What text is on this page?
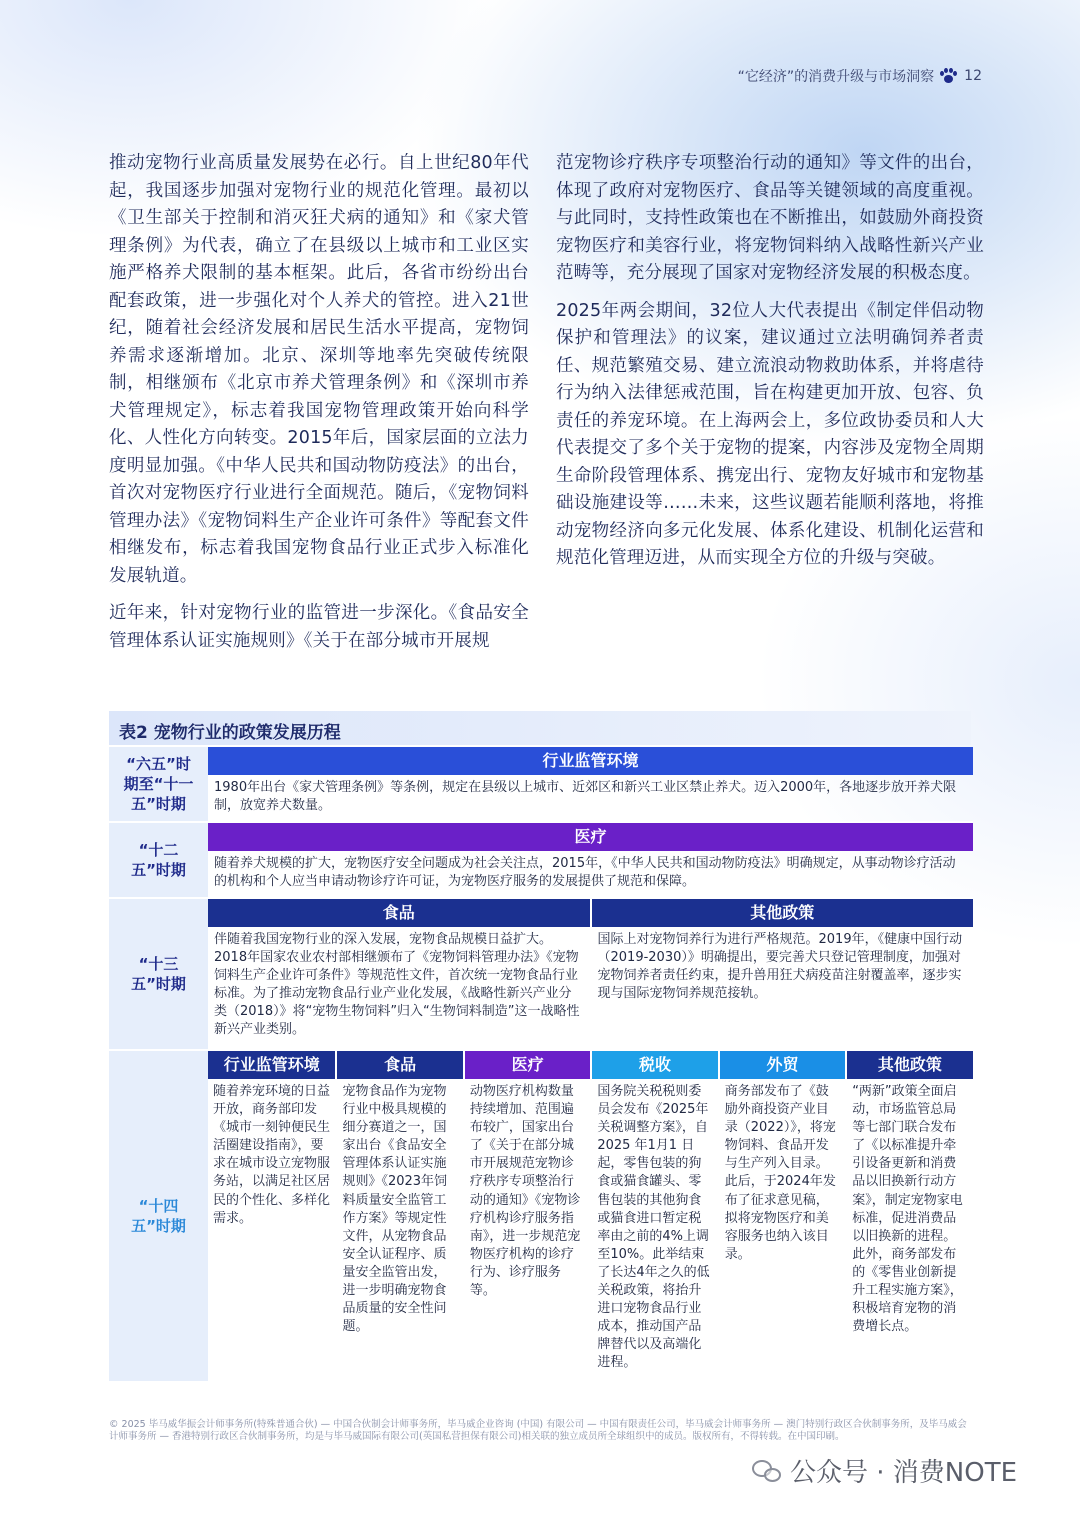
“它经济”的消费升级与市场洞察 12

推动宠物行业高质量发展势在必行。自上世纪80年代起，我国逐步加强对宠物行业的规范化管理。最初以《卫生部关于控制和消灭狂犬病的通知》和《家犬管理条例》为代表，确立了在县级以上城市和工业区实施严格养犬限制的基本框架。此后，各省市纷纷出台配套政策，进一步强化对个人养犬的管控。进入21世纪，随着社会经济发展和居民生活水平提高，宠物饲养需求逐渐增加。北京、深圳等地率先突破传统限制，相继颁布《北京市养犬管理条例》和《深圳市养犬管理规定》，标志着我国宠物管理政策开始向科学化、人性化方向转变。2015年后，国家层面的立法力度明显加强。《中华人民共和国动物防疫法》的出台，首次对宠物医疗行业进行全面规范。随后，《宠物饲料管理办法》《宠物饲料生产企业许可条件》等配套文件相继发布，标志着我国宠物食品行业正式步入标准化发展轨道。

近年来，针对宠物行业的监管进一步深化。《食品安全管理体系认证实施规则》《关于在部分城市开展规

范宠物诊疗秩序专项整治行动的通知》等文件的出台，体现了政府对宠物医疗、食品等关键领域的高度重视。与此同时，支持性政策也在不断推出，如鼓励外商投资宠物医疗和美容行业，将宠物饲料纳入战略性新兴产业范畴等，充分展现了国家对宠物经济发展的积极态度。

2025年两会期间，32位人大代表提出《制定伴侣动物保护和管理法》的议案，建议通过立法明确饲养者责任、规范繁殖交易、建立流浪动物救助体系，并将虐待行为纳入法律惩戒范围，旨在构建更加开放、包容、负责任的养宠环境。在上海两会上，多位政协委员和人大代表提交了多个关于宠物的提案，内容涉及宠物全周期生命阶段管理体系、携宠出行、宠物友好城市和宠物基础设施建设等……未来，这些议题若能顺利落地，将推动宠物经济向多元化发展、体系化建设、机制化运营和规范化管理迈进，从而实现全方位的升级与突破。

表2 宠物行业的政策发展历程
“六五”时期至“十一五”时期
行业监管环境
1980年出台《家犬管理条例》等条例，规定在县级以上城市、近郊区和新兴工业区禁止养犬。迈入2000年，各地逐步放开养犬限制，放宽养犬数量。
“十二五”时期
医疗
随着养犬规模的扩大，宠物医疗安全问题成为社会关注点，2015年，《中华人民共和国动物防疫法》明确规定，从事动物诊疗活动的机构和个人应当申请动物诊疗许可证，为宠物医疗服务的发展提供了规范和保障。
“十三五”时期
食品
伴随着我国宠物行业的深入发展，宠物食品规模日益扩大。2018年国家农业农村部相继颁布了《宠物饲料管理办法》《宠物饲料生产企业许可条件》等规范性文件，首次统一宠物食品行业标准。为了推动宠物食品行业产业化发展，《战略性新兴产业分类（2018）》将“宠物生物饲料”归入“生物饲料制造”这一战略性新兴产业类别。
其他政策
国际上对宠物饲养行为进行严格规范。2019年，《健康中国行动（2019-2030）》明确提出，要完善犬只登记管理制度，加强对宠物饲养者责任约束，提升兽用狂犬病疫苗注射覆盖率，逐步实现与国际宠物饲养规范接轨。
“十四五”时期
行业监管环境
随着养宠环境的日益开放，商务部印发《城市一刻钟便民生活圈建设指南》，要求在城市设立宠物服务站，以满足社区居民的个性化、多样化需求。
食品
宠物食品作为宠物行业中极具规模的细分赛道之一，国家出台《食品安全管理体系认证实施规则》《2023年饲料质量安全监管工作方案》等规定性文件，从宠物食品安全认证程序、质量安全监管出发，进一步明确宠物食品质量的安全性问题。
医疗
动物医疗机构数量持续增加、范围遍布较广，国家出台了《关于在部分城市开展规范宠物诊疗秩序专项整治行动的通知》《宠物诊疗机构诊疗服务指南》，进一步规范宠物医疗机构的诊疗行为、诊疗服务等。
税收
国务院关税税则委员会发布《2025年关税调整方案》，自2025 年1月1 日起，零售包装的狗食或猫食罐头、零售包装的其他狗食或猫食进口暂定税率由之前的4%上调至10%。此举结束了长达4年之久的低关税政策，将抬升进口宠物食品行业成本，推动国产品牌替代以及高端化进程。
外贸
商务部发布了《鼓励外商投资产业目录（2022）》，将宠物饲料、食品开发与生产列入目录。此后，于2024年发布了征求意见稿，拟将宠物医疗和美容服务也纳入该目录。
其他政策
“两新”政策全面启动，市场监管总局等七部门联合发布了《以标准提升牵引设备更新和消费品以旧换新行动方案》，制定宠物家电标准，促进消费品以旧换新的进程。此外，商务部发布的《零售业创新提升工程实施方案》，积极培育宠物的消费增长点。
© 2025 毕马威华振会计师事务所(特殊普通合伙) — 中国合伙制会计师事务所，毕马威企业咨询 (中国) 有限公司 — 中国有限责任公司，毕马威会计师事务所 — 澳门特别行政区合伙制事务所，及毕马威会计师事务所 — 香港特别行政区合伙制事务所，均是与毕马威国际有限公司(英国私营担保有限公司)相关联的独立成员所全球组织中的成员。版权所有，不得转载。在中国印刷。
公众号 · 消费NOTE
